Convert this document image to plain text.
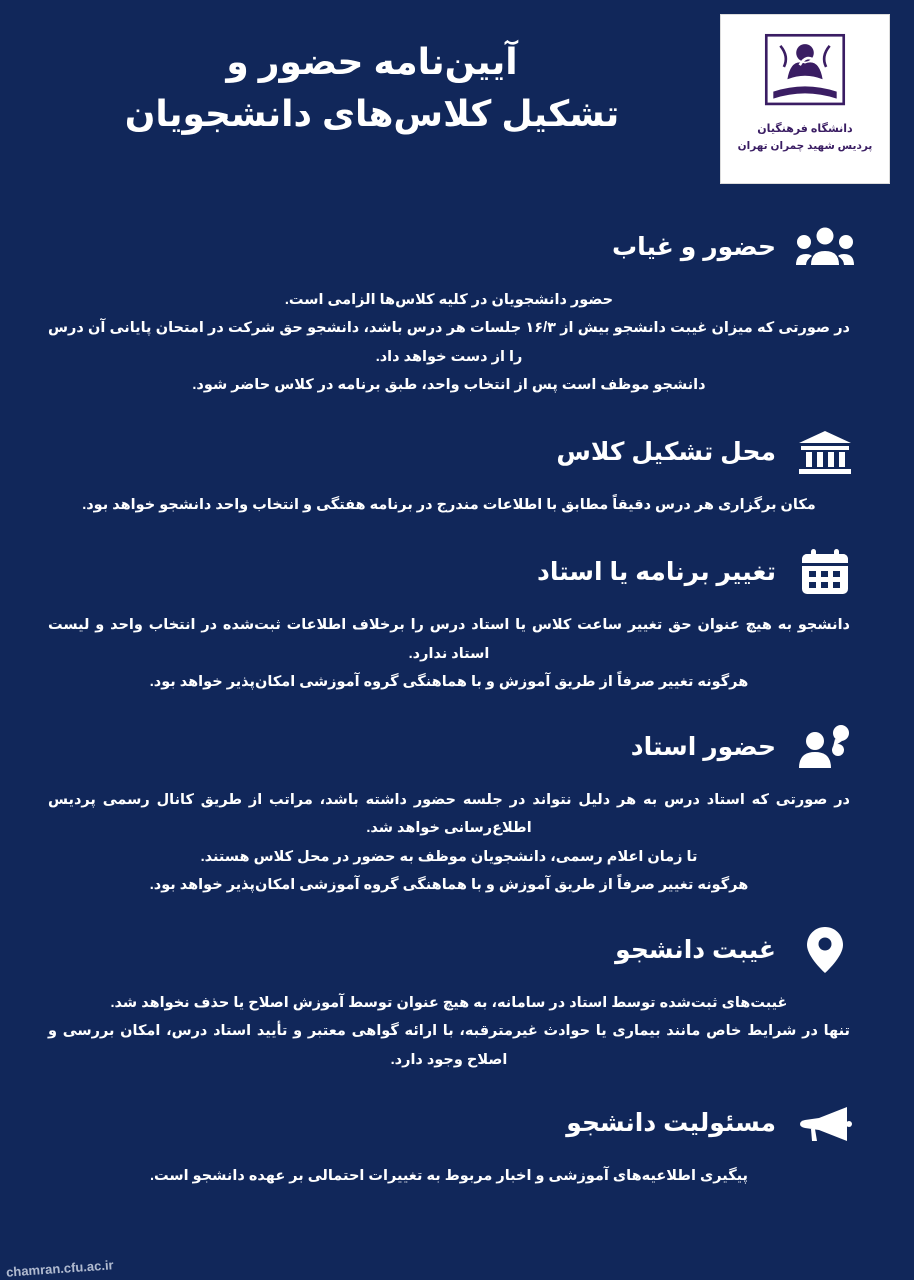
دانشگاه فرهنگیان
پردیس شهید چمران تهران
آیین‌نامه حضور و
تشکیل کلاس‌های دانشجویان
حضور و غیاب

حضور دانشجویان در کلیه کلاس‌ها الزامی است.

در صورتی که میزان غیبت دانشجو بیش از ۱۶/۳ جلسات هر درس باشد، دانشجو حق شرکت در امتحان پایانی آن درس را از دست خواهد داد.

دانشجو موظف است پس از انتخاب واحد، طبق برنامه در کلاس حاضر شود.

محل تشکیل کلاس

مکان برگزاری هر درس دقیقاً مطابق با اطلاعات مندرج در برنامه هفتگی و انتخاب واحد دانشجو خواهد بود.

تغییر برنامه یا استاد

دانشجو به هیچ عنوان حق تغییر ساعت کلاس یا استاد درس را برخلاف اطلاعات ثبت‌شده در انتخاب واحد و لیست استاد ندارد.

هرگونه تغییر صرفاً از طریق آموزش و با هماهنگی گروه آموزشی امکان‌پذیر خواهد بود.

حضور استاد

در صورتی که استاد درس به هر دلیل نتواند در جلسه حضور داشته باشد، مراتب از طریق کانال رسمی پردیس اطلاع‌رسانی خواهد شد.

تا زمان اعلام رسمی، دانشجویان موظف به حضور در محل کلاس هستند.

هرگونه تغییر صرفاً از طریق آموزش و با هماهنگی گروه آموزشی امکان‌پذیر خواهد بود.

غیبت دانشجو

غیبت‌های ثبت‌شده توسط استاد در سامانه، به هیچ عنوان توسط آموزش اصلاح یا حذف نخواهد شد.

تنها در شرایط خاص مانند بیماری یا حوادث غیرمترقبه، با ارائه گواهی معتبر و تأیید استاد درس، امکان بررسی و اصلاح وجود دارد.

مسئولیت دانشجو

پیگیری اطلاعیه‌های آموزشی و اخبار مربوط به تغییرات احتمالی بر عهده دانشجو است.

chamran.cfu.ac.ir
